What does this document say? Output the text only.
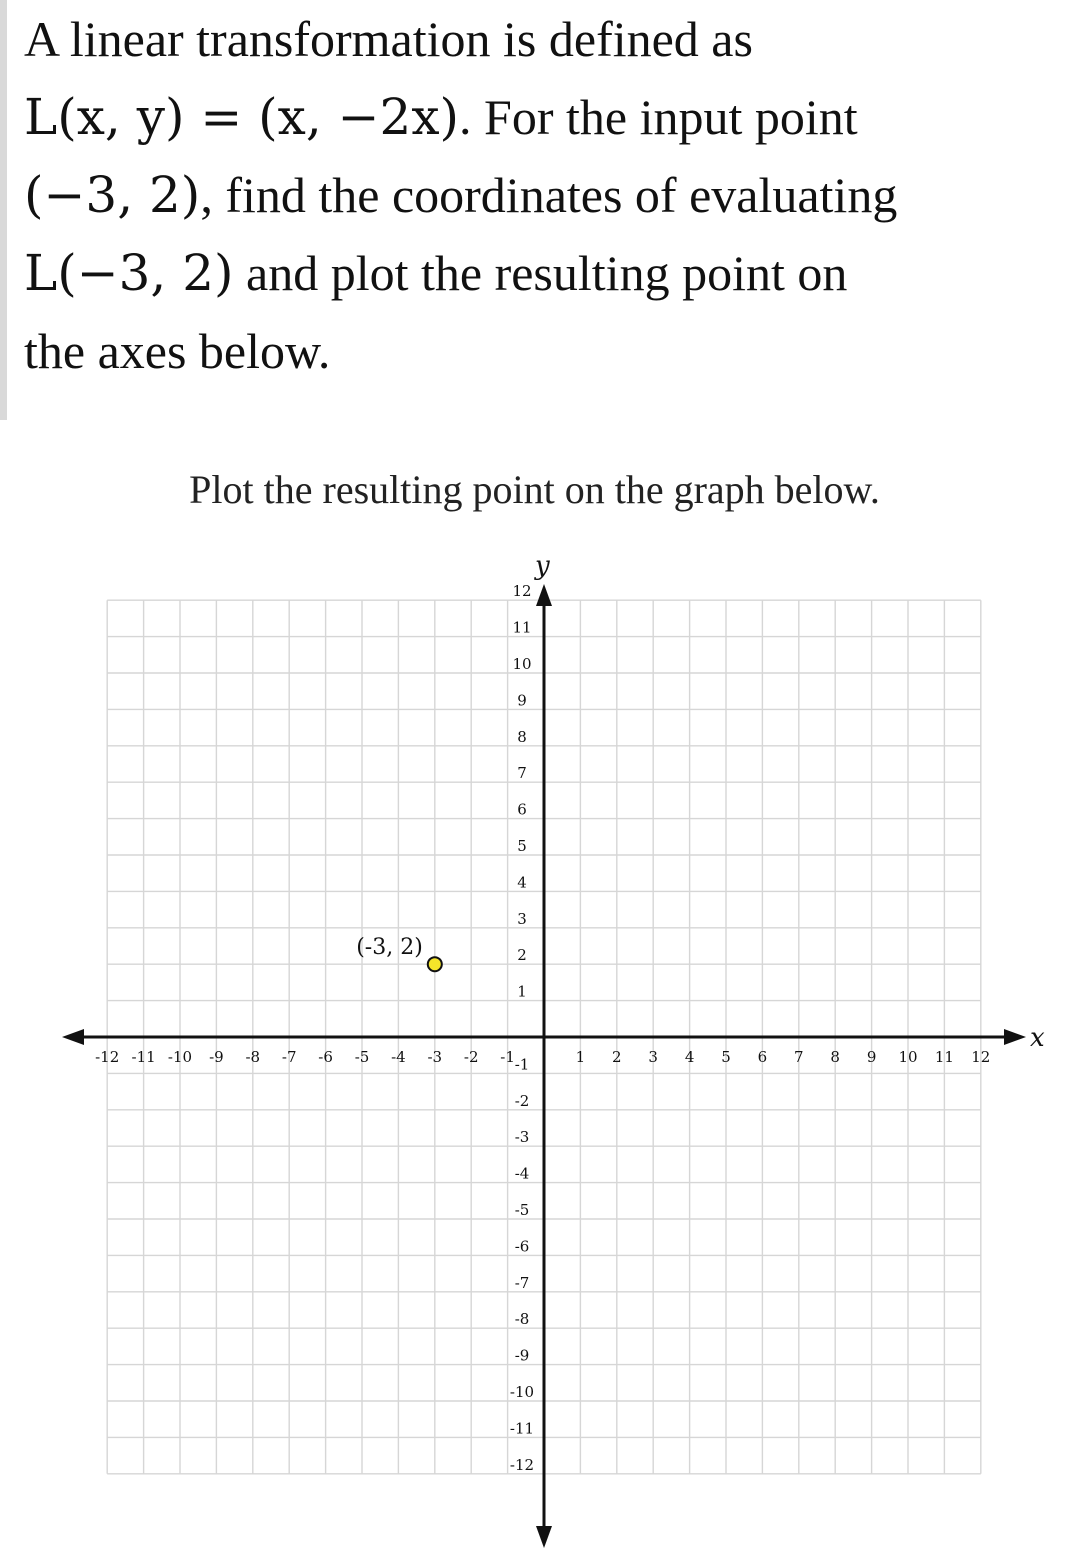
A linear transformation is defined as
L(x, y) = (x, −2x). For the input point
(−3, 2), find the coordinates of evaluating
L(−3, 2) and plot the resulting point on
the axes below.
Plot the resulting point on the graph below.
x
y
-12 -11 -10 -9 -8 -7 -6 -5 -4 -3 -2 -1	1 2 3 4 5 6 7 8 9 10 11 12
12
11
10
9
8
7
6
5
4
3
2
1
-1
-2
-3
-4
-5
-6
-7
-8
-9
-10
-11
-12
(-3, 2)
